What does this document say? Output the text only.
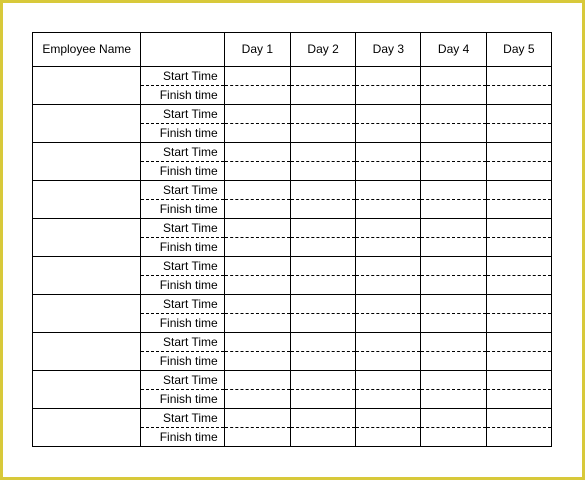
Employee Name		Day 1	Day 2	Day 3	Day 4	Day 5
	Start Time					
	Finish time					
	Start Time					
	Finish time					
	Start Time					
	Finish time					
	Start Time					
	Finish time					
	Start Time					
	Finish time					
	Start Time					
	Finish time					
	Start Time					
	Finish time					
	Start Time					
	Finish time					
	Start Time					
	Finish time					
	Start Time					
	Finish time					
